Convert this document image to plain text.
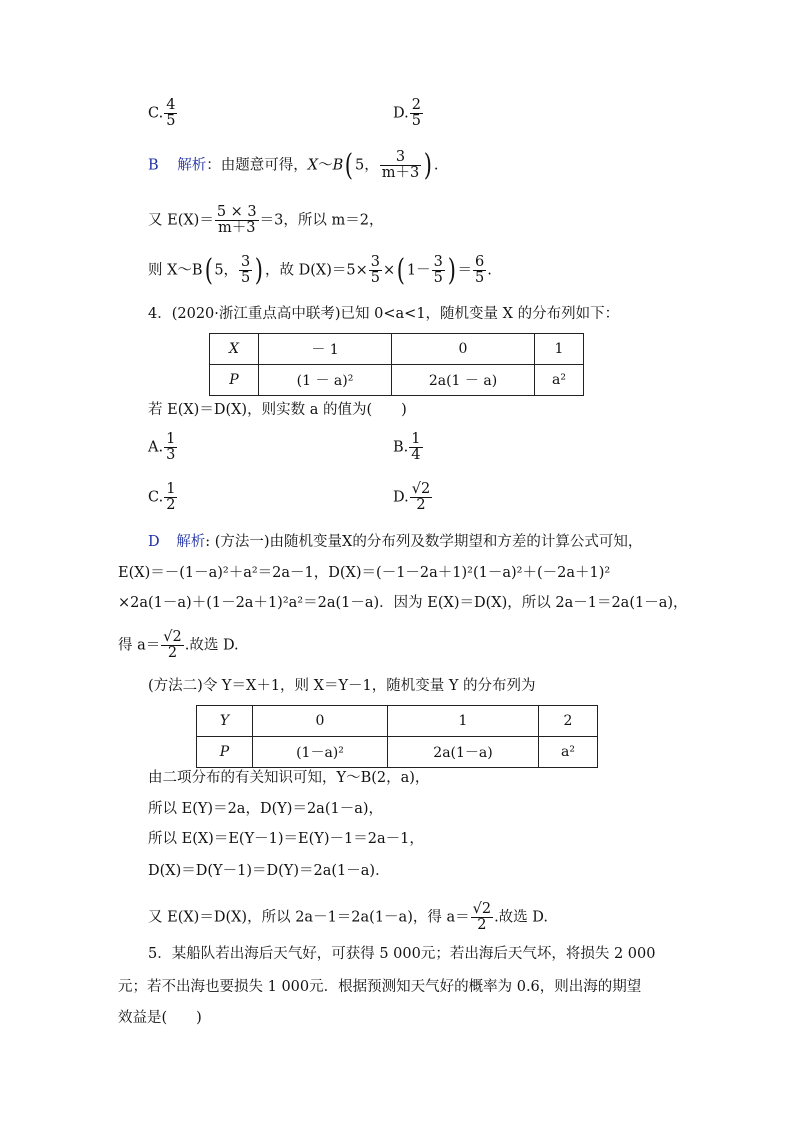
C. $\frac{4}{5}$	D. $\frac{2}{5}$
B 解析：由题意可得，X～B( 5， $\frac{3}{m+3}$ ) .
又 $E(X)= \frac{5 \times 3}{m+3} =3$，所以 m＝2，
则 X～B( 5， $\frac{3}{5}$ ) ，故 $D(X)=5\times \frac{3}{5}$ ×( $1- \frac{3}{5}$ ) ＝ $\frac{6}{5}$ .
4．(2020·浙江重点高中联考)已知 0<a<1，随机变量 X 的分布列如下：
X	－ 1	0	1
P	(1 － a)²	2a(1 － a)	a²
若 E(X)＝D(X)，则实数 a 的值为(　　)
A. $\frac{1}{3}$	B. $\frac{1}{4}$
C. $\frac{1}{2}$	D. $\frac{√2}{2}$
D 解析: (方法一)由随机变量X的分布列及数学期望和方差的计算公式可知，
E(X)＝－(1－a)²＋a²＝2a－1，D(X)＝(－1－2a＋1)²(1－a)²＋(－2a＋1)²
×2a(1－a)＋(1－2a＋1)²a²＝2a(1－a)．因为 E(X)＝D(X)，所以 2a－1＝2a(1－a)，
得 $a= \frac{√2}{2}$ .故选 D.
(方法二)令 Y＝X＋1，则 X＝Y－1，随机变量 Y 的分布列为
Y	0	1	2
P	(1－a)²	2a(1－a)	a²
由二项分布的有关知识可知，Y～B(2，a)，
所以 E(Y)＝2a，D(Y)＝2a(1－a)，
所以 E(X)＝E(Y－1)＝E(Y)－1＝2a－1，
D(X)＝D(Y－1)＝D(Y)＝2a(1－a)．
又 E(X)＝D(X)，所以 2a－1＝2a(1－a)，得 $a= \frac{√2}{2}$ .故选 D.
5．某船队若出海后天气好，可获得 5 000元；若出海后天气坏，将损失 2 000
元；若不出海也要损失 1 000元．根据预测知天气好的概率为 0.6，则出海的期望
效益是(　　)
